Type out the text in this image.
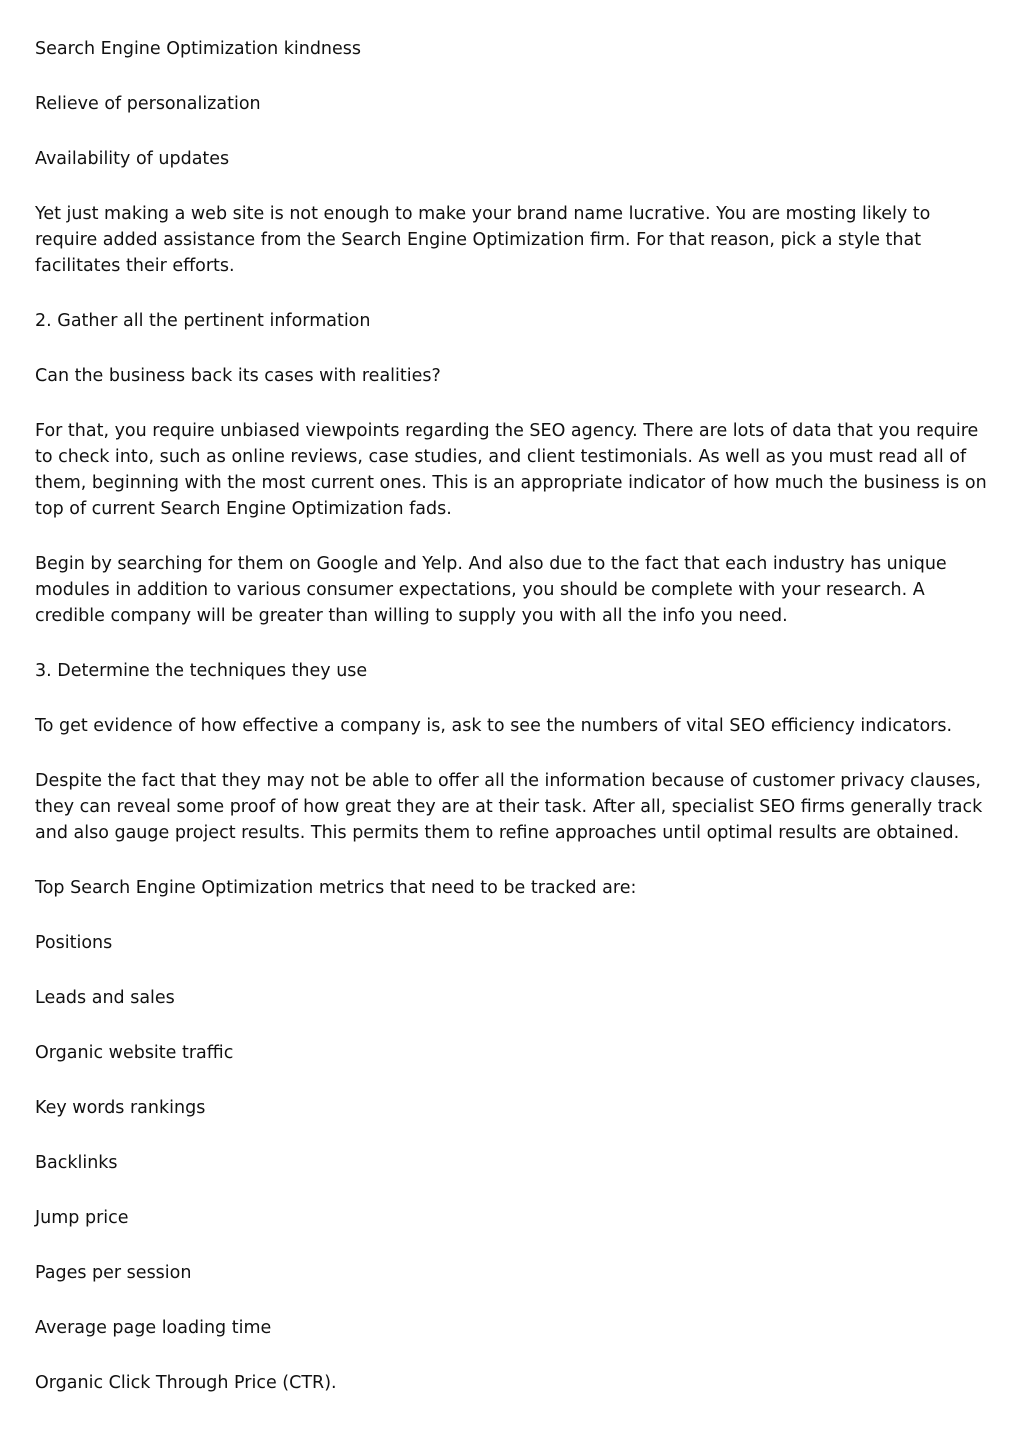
Search Engine Optimization kindness

Relieve of personalization

Availability of updates

Yet just making a web site is not enough to make your brand name lucrative. You are mosting likely to require added assistance from the Search Engine Optimization firm. For that reason, pick a style that facilitates their efforts.

2. Gather all the pertinent information

Can the business back its cases with realities?

For that, you require unbiased viewpoints regarding the SEO agency. There are lots of data that you require to check into, such as online reviews, case studies, and client testimonials. As well as you must read all of them, beginning with the most current ones. This is an appropriate indicator of how much the business is on top of current Search Engine Optimization fads.

Begin by searching for them on Google and Yelp. And also due to the fact that each industry has unique modules in addition to various consumer expectations, you should be complete with your research. A credible company will be greater than willing to supply you with all the info you need.

3. Determine the techniques they use

To get evidence of how effective a company is, ask to see the numbers of vital SEO efficiency indicators.

Despite the fact that they may not be able to offer all the information because of customer privacy clauses, they can reveal some proof of how great they are at their task. After all, specialist SEO firms generally track and also gauge project results. This permits them to refine approaches until optimal results are obtained.

Top Search Engine Optimization metrics that need to be tracked are:

Positions

Leads and sales

Organic website traffic

Key words rankings

Backlinks

Jump price

Pages per session

Average page loading time

Organic Click Through Price (CTR).
